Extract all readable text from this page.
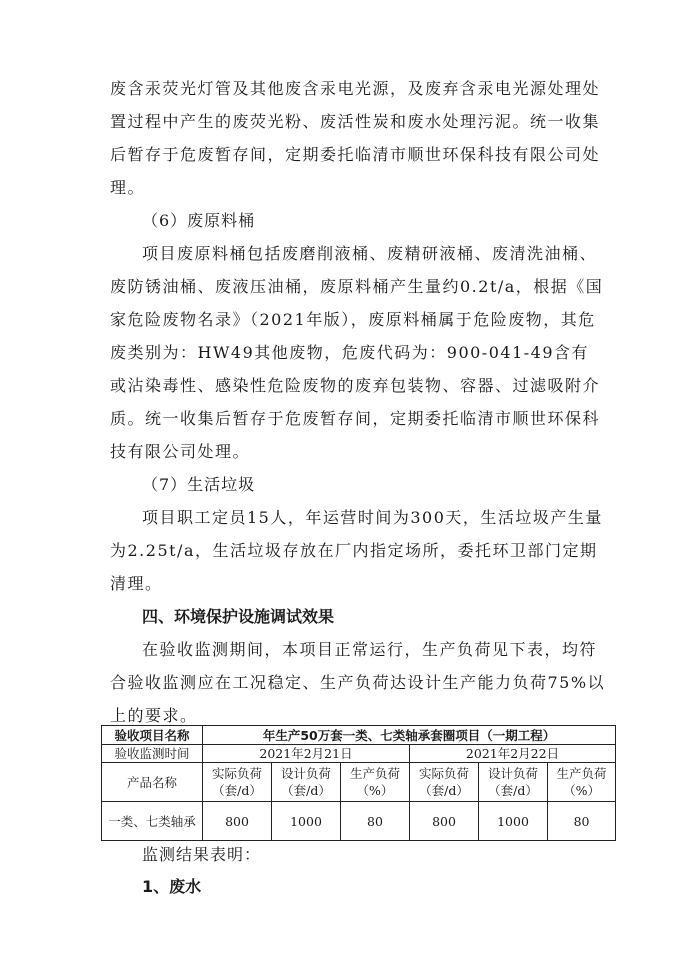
废含汞荧光灯管及其他废含汞电光源，及废弃含汞电光源处理处置过程中产生的废荧光粉、废活性炭和废水处理污泥。统一收集后暂存于危废暂存间，定期委托临清市顺世环保科技有限公司处理。

（6）废原料桶

项目废原料桶包括废磨削液桶、废精研液桶、废清洗油桶、废防锈油桶、废液压油桶，废原料桶产生量约0.2t/a，根据《国家危险废物名录》（2021年版），废原料桶属于危险废物，其危废类别为：HW49其他废物，危废代码为：900-041-49含有或沾染毒性、感染性危险废物的废弃包装物、容器、过滤吸附介质。统一收集后暂存于危废暂存间，定期委托临清市顺世环保科技有限公司处理。

（7）生活垃圾

项目职工定员15人，年运营时间为300天，生活垃圾产生量为2.25t/a，生活垃圾存放在厂内指定场所，委托环卫部门定期清理。

四、环境保护设施调试效果

在验收监测期间，本项目正常运行，生产负荷见下表，均符合验收监测应在工况稳定、生产负荷达设计生产能力负荷75%以上的要求。

验收项目名称	年生产50万套一类、七类轴承套圈项目（一期工程）					
验收监测时间	2021年2月21日			2021年2月22日		
产品名称	实际负荷（套/d）	设计负荷（套/d）	生产负荷（%）	实际负荷（套/d）	设计负荷（套/d）	生产负荷（%）
一类、七类轴承	800	1000	80	800	1000	80

监测结果表明：

1、废水
